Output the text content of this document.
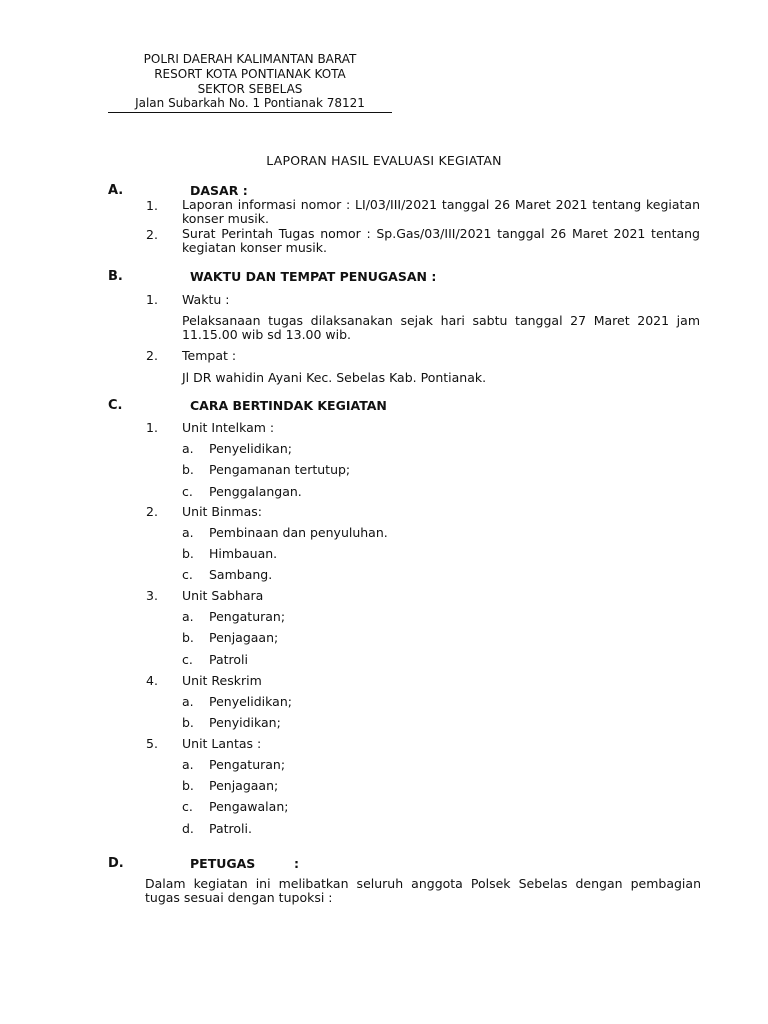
POLRI DAERAH KALIMANTAN BARAT
RESORT KOTA PONTIANAK KOTA
SEKTOR SEBELAS
Jalan Subarkah No. 1 Pontianak 78121
LAPORAN HASIL EVALUASI KEGIATAN
A.	DASAR :
1. Laporan informasi nomor : LI/03/III/2021 tanggal 26 Maret 2021 tentang kegiatan konser musik.
2. Surat Perintah Tugas nomor : Sp.Gas/03/III/2021 tanggal 26 Maret 2021 tentang kegiatan konser musik.
B.	WAKTU DAN TEMPAT PENUGASAN :
1. Waktu :
Pelaksanaan tugas dilaksanakan sejak hari sabtu tanggal 27 Maret 2021 jam 11.15.00 wib sd 13.00 wib.
2. Tempat :
Jl DR wahidin Ayani Kec. Sebelas Kab. Pontianak.
C.	CARA BERTINDAK KEGIATAN
1. Unit Intelkam :
a. Penyelidikan;
b. Pengamanan tertutup;
c. Penggalangan.
2. Unit Binmas:
a. Pembinaan dan penyuluhan.
b. Himbauan.
c. Sambang.
3. Unit Sabhara
a. Pengaturan;
b. Penjagaan;
c. Patroli
4. Unit Reskrim
a. Penyelidikan;
b. Penyidikan;
5. Unit Lantas :
a. Pengaturan;
b. Penjagaan;
c. Pengawalan;
d. Patroli.
D.	PETUGAS	:
Dalam kegiatan ini melibatkan seluruh anggota Polsek Sebelas dengan pembagian tugas sesuai dengan tupoksi :
